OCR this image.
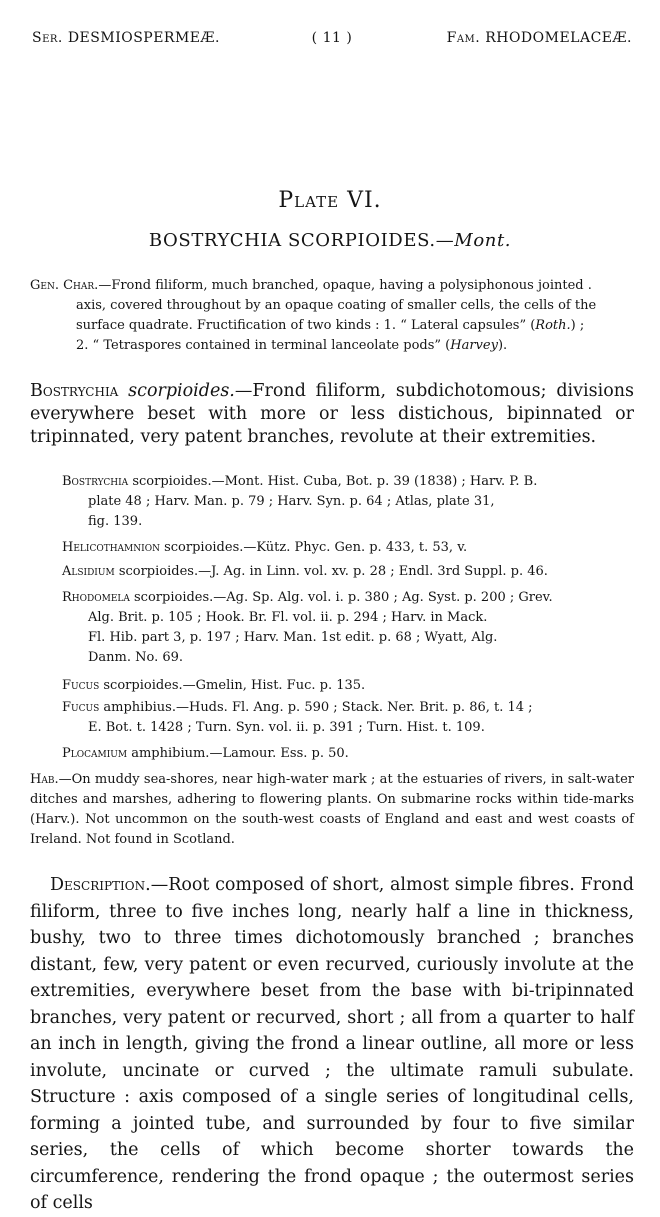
Ser. DESMIOSPERMEÆ.	( 11 )	Fam. RHODOMELACEÆ.
Plate VI.
BOSTRYCHIA SCORPIOIDES.—Mont.

Gen. Char.—Frond filiform, much branched, opaque, having a polysiphonous jointed .

axis, covered throughout by an opaque coating of smaller cells, the cells of the

surface quadrate. Fructification of two kinds : 1. “ Lateral capsules” (Roth.) ;

2. “ Tetraspores contained in terminal lanceolate pods” (Harvey).

Bostrychia scorpioides.—Frond filiform, subdichotomous; divisions everywhere beset with more or less distichous, bipinnated or tripinnated, very patent branches, revolute at their extremities.

Bostrychia scorpioides.—Mont. Hist. Cuba, Bot. p. 39 (1838) ; Harv. P. B.

plate 48 ; Harv. Man. p. 79 ; Harv. Syn. p. 64 ; Atlas, plate 31,

fig. 139.

Helicothamnion scorpioides.—Kütz. Phyc. Gen. p. 433, t. 53, v.

Alsidium scorpioides.—J. Ag. in Linn. vol. xv. p. 28 ; Endl. 3rd Suppl. p. 46.

Rhodomela scorpioides.—Ag. Sp. Alg. vol. i. p. 380 ; Ag. Syst. p. 200 ; Grev.

Alg. Brit. p. 105 ; Hook. Br. Fl. vol. ii. p. 294 ; Harv. in Mack.

Fl. Hib. part 3, p. 197 ; Harv. Man. 1st edit. p. 68 ; Wyatt, Alg.

Danm. No. 69.

Fucus scorpioides.—Gmelin, Hist. Fuc. p. 135.

Fucus amphibius.—Huds. Fl. Ang. p. 590 ; Stack. Ner. Brit. p. 86, t. 14 ;

E. Bot. t. 1428 ; Turn. Syn. vol. ii. p. 391 ; Turn. Hist. t. 109.

Plocamium amphibium.—Lamour. Ess. p. 50.

Hab.—On muddy sea-shores, near high-water mark ; at the estuaries of rivers, in salt-water ditches and marshes, adhering to flowering plants. On submarine rocks within tide-marks (Harv.). Not uncommon on the south-west coasts of England and east and west coasts of Ireland. Not found in Scotland.

Description.—Root composed of short, almost simple fibres. Frond filiform, three to five inches long, nearly half a line in thickness, bushy, two to three times dichotomously branched ; branches distant, few, very patent or even recurved, curiously involute at the extremities, everywhere beset from the base with bi-tripinnated branches, very patent or recurved, short ; all from a quarter to half an inch in length, giving the frond a linear outline, all more or less involute, uncinate or curved ; the ultimate ramuli subulate. Structure : axis composed of a single series of longitudinal cells, forming a jointed tube, and surrounded by four to five similar series, the cells of which become shorter towards the circumference, rendering the frond opaque ; the outermost series of cells
